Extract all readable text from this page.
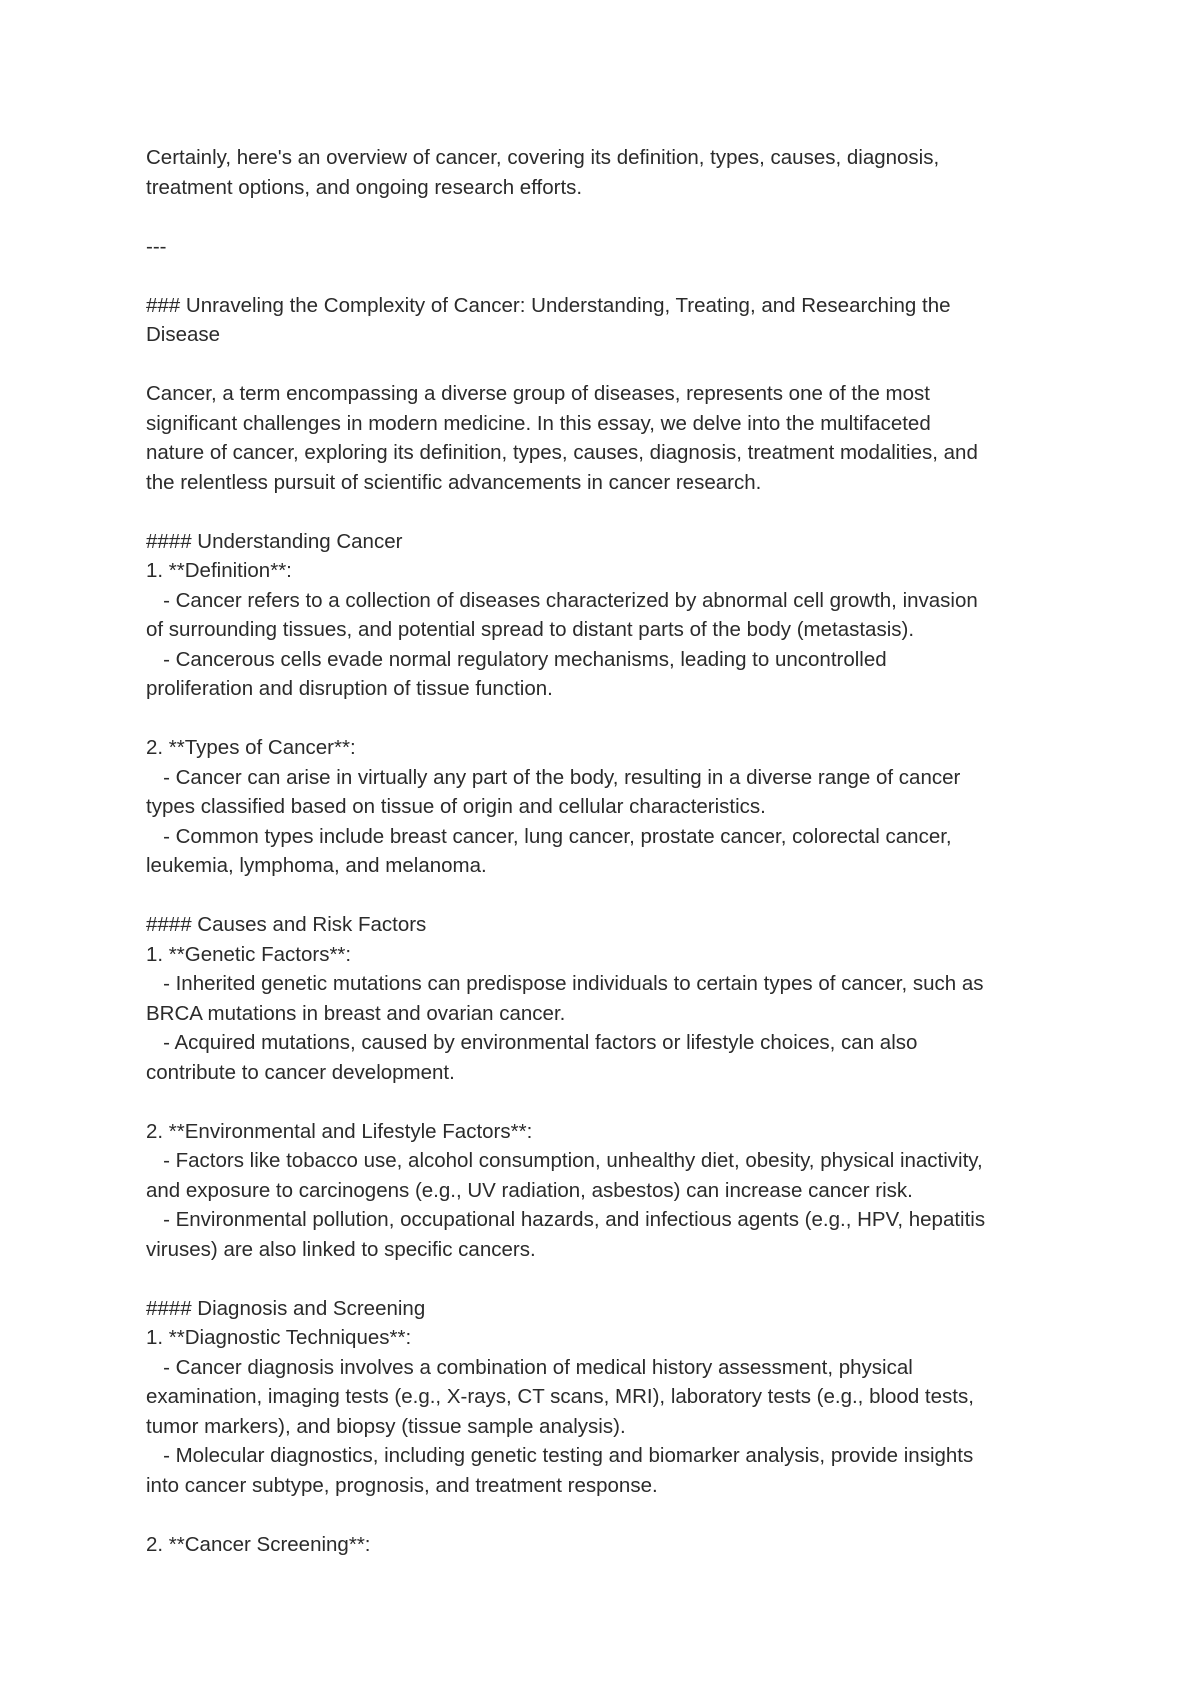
Certainly, here's an overview of cancer, covering its definition, types, causes, diagnosis,
treatment options, and ongoing research efforts.
---
### Unraveling the Complexity of Cancer: Understanding, Treating, and Researching the
Disease
Cancer, a term encompassing a diverse group of diseases, represents one of the most
significant challenges in modern medicine. In this essay, we delve into the multifaceted
nature of cancer, exploring its definition, types, causes, diagnosis, treatment modalities, and
the relentless pursuit of scientific advancements in cancer research.
#### Understanding Cancer
1. **Definition**:
- Cancer refers to a collection of diseases characterized by abnormal cell growth, invasion
of surrounding tissues, and potential spread to distant parts of the body (metastasis).
- Cancerous cells evade normal regulatory mechanisms, leading to uncontrolled
proliferation and disruption of tissue function.
2. **Types of Cancer**:
- Cancer can arise in virtually any part of the body, resulting in a diverse range of cancer
types classified based on tissue of origin and cellular characteristics.
- Common types include breast cancer, lung cancer, prostate cancer, colorectal cancer,
leukemia, lymphoma, and melanoma.
#### Causes and Risk Factors
1. **Genetic Factors**:
- Inherited genetic mutations can predispose individuals to certain types of cancer, such as
BRCA mutations in breast and ovarian cancer.
- Acquired mutations, caused by environmental factors or lifestyle choices, can also
contribute to cancer development.
2. **Environmental and Lifestyle Factors**:
- Factors like tobacco use, alcohol consumption, unhealthy diet, obesity, physical inactivity,
and exposure to carcinogens (e.g., UV radiation, asbestos) can increase cancer risk.
- Environmental pollution, occupational hazards, and infectious agents (e.g., HPV, hepatitis
viruses) are also linked to specific cancers.
#### Diagnosis and Screening
1. **Diagnostic Techniques**:
- Cancer diagnosis involves a combination of medical history assessment, physical
examination, imaging tests (e.g., X-rays, CT scans, MRI), laboratory tests (e.g., blood tests,
tumor markers), and biopsy (tissue sample analysis).
- Molecular diagnostics, including genetic testing and biomarker analysis, provide insights
into cancer subtype, prognosis, and treatment response.
2. **Cancer Screening**:
